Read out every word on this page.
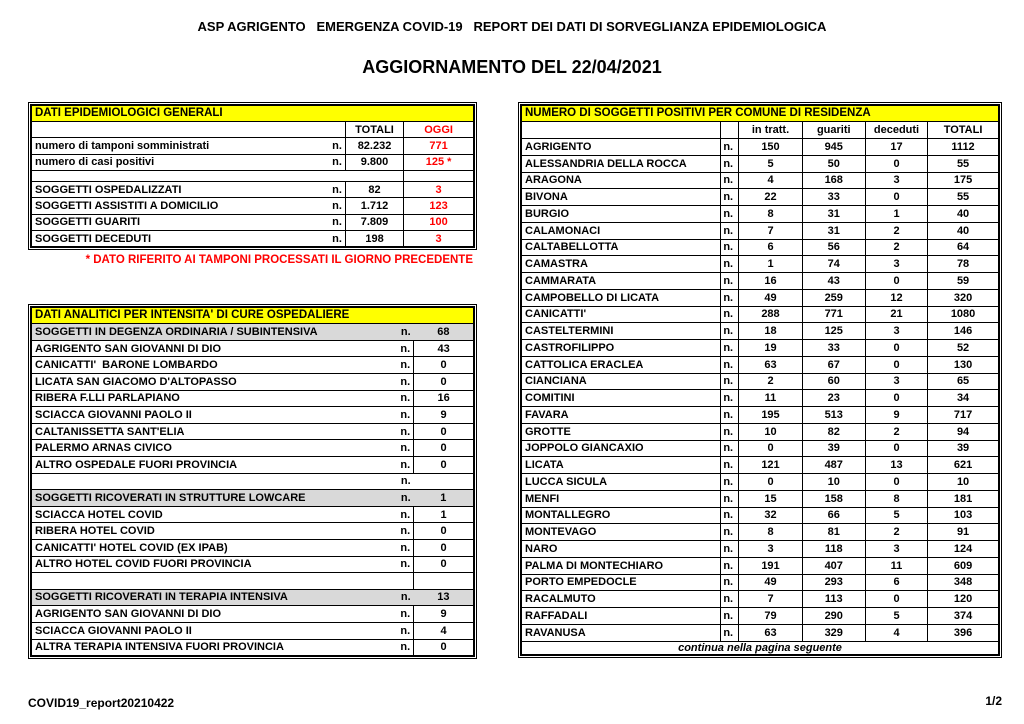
ASP AGRIGENTO   EMERGENZA COVID-19   REPORT DEI DATI DI SORVEGLIANZA EPIDEMIOLOGICA
AGGIORNAMENTO DEL 22/04/2021
DATI EPIDEMIOLOGICI GENERALI		
	TOTALI	OGGI

numero di tamponi somministrati n.	82.232	771

numero di casi positivi n.	9.800	125 *

SOGGETTI OSPEDALIZZATI n.	82	3

SOGGETTI ASSISTITI A DOMICILIO n.	1.712	123

SOGGETTI GUARITI n.	7.809	100

SOGGETTI DECEDUTI n.	198	3
* DATO RIFERITO AI TAMPONI PROCESSATI IL GIORNO PRECEDENTE
DATI ANALITICI PER INTENSITA' DI CURE OSPEDALIERE	

SOGGETTI IN DEGENZA ORDINARIA / SUBINTENSIVA n.	68

AGRIGENTO SAN GIOVANNI DI DIO n.	43

CANICATTI'  BARONE LOMBARDO n.	0

LICATA SAN GIACOMO D'ALTOPASSO n.	0

RIBERA F.LLI PARLAPIANO n.	16

SCIACCA GIOVANNI PAOLO II n.	9

CALTANISSETTA SANT'ELIA n.	0

PALERMO ARNAS CIVICO n.	0

ALTRO OSPEDALE FUORI PROVINCIA n.	0

n.	

SOGGETTI RICOVERATI IN STRUTTURE LOWCARE n.	1

SCIACCA HOTEL COVID n.	1

RIBERA HOTEL COVID n.	0

CANICATTI' HOTEL COVID (EX IPAB) n.	0

ALTRO HOTEL COVID FUORI PROVINCIA n.	0

SOGGETTI RICOVERATI IN TERAPIA INTENSIVA n.	13

AGRIGENTO SAN GIOVANNI DI DIO n.	9

SCIACCA GIOVANNI PAOLO II n.	4

ALTRA TERAPIA INTENSIVA FUORI PROVINCIA n.	0
NUMERO DI SOGGETTI POSITIVI PER COMUNE DI RESIDENZA					
		in tratt.	guariti	deceduti	TOTALI
AGRIGENTO	n.	150	945	17	1112
ALESSANDRIA DELLA ROCCA	n.	5	50	0	55
ARAGONA	n.	4	168	3	175
BIVONA	n.	22	33	0	55
BURGIO	n.	8	31	1	40
CALAMONACI	n.	7	31	2	40
CALTABELLOTTA	n.	6	56	2	64
CAMASTRA	n.	1	74	3	78
CAMMARATA	n.	16	43	0	59
CAMPOBELLO DI LICATA	n.	49	259	12	320
CANICATTI'	n.	288	771	21	1080
CASTELTERMINI	n.	18	125	3	146
CASTROFILIPPO	n.	19	33	0	52
CATTOLICA ERACLEA	n.	63	67	0	130
CIANCIANA	n.	2	60	3	65
COMITINI	n.	11	23	0	34
FAVARA	n.	195	513	9	717
GROTTE	n.	10	82	2	94
JOPPOLO GIANCAXIO	n.	0	39	0	39
LICATA	n.	121	487	13	621
LUCCA SICULA	n.	0	10	0	10
MENFI	n.	15	158	8	181
MONTALLEGRO	n.	32	66	5	103
MONTEVAGO	n.	8	81	2	91
NARO	n.	3	118	3	124
PALMA DI MONTECHIARO	n.	191	407	11	609
PORTO EMPEDOCLE	n.	49	293	6	348
RACALMUTO	n.	7	113	0	120
RAFFADALI	n.	79	290	5	374
RAVANUSA	n.	63	329	4	396
continua nella pagina seguente					
COVID19_report20210422	1/2
